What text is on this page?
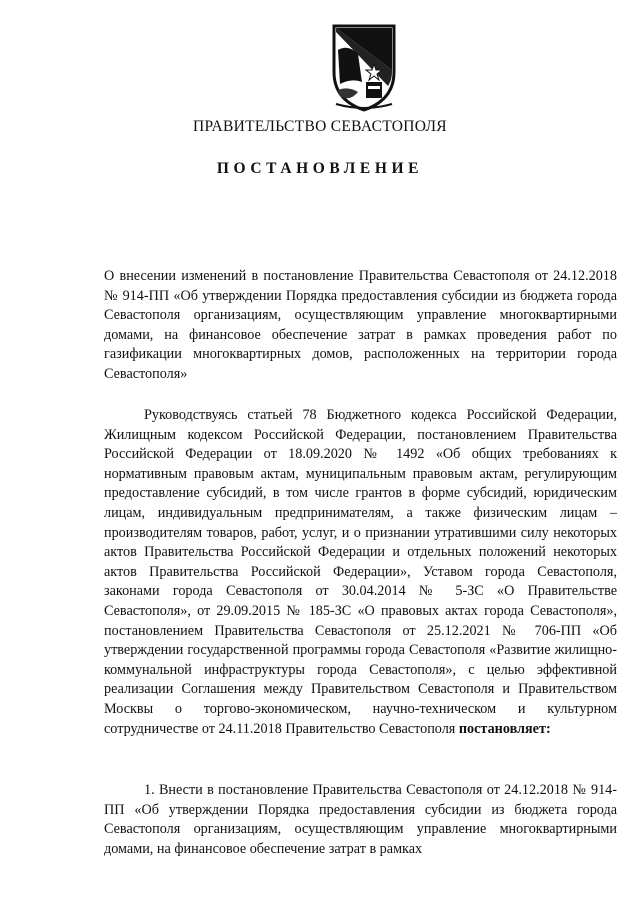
ПРАВИТЕЛЬСТВО СЕВАСТОПОЛЯ
ПОСТАНОВЛЕНИЕ
О внесении изменений в постановление Правительства Севастополя от 24.12.2018 № 914-ПП «Об утверждении Порядка предоставления субсидии из бюджета города Севастополя организациям, осуществляющим управление многоквартирными домами, на финансовое обеспечение затрат в рамках проведения работ по газификации многоквартирных домов, расположенных на территории города Севастополя»
Руководствуясь статьей 78 Бюджетного кодекса Российской Федерации, Жилищным кодексом Российской Федерации, постановлением Правительства Российской Федерации от 18.09.2020 № 1492 «Об общих требованиях к нормативным правовым актам, муниципальным правовым актам, регулирующим предоставление субсидий, в том числе грантов в форме субсидий, юридическим лицам, индивидуальным предпринимателям, а также физическим лицам – производителям товаров, работ, услуг, и о признании утратившими силу некоторых актов Правительства Российской Федерации и отдельных положений некоторых актов Правительства Российской Федерации», Уставом города Севастополя, законами города Севастополя от 30.04.2014 № 5-ЗС «О Правительстве Севастополя», от 29.09.2015 № 185-ЗС «О правовых актах города Севастополя», постановлением Правительства Севастополя от 25.12.2021 № 706-ПП «Об утверждении государственной программы города Севастополя «Развитие жилищно-коммунальной инфраструктуры города Севастополя», с целью эффективной реализации Соглашения между Правительством Севастополя и Правительством Москвы о торгово-экономическом, научно-техническом и культурном сотрудничестве от 24.11.2018 Правительство Севастополя постановляет:
1. Внести в постановление Правительства Севастополя от 24.12.2018 № 914-ПП «Об утверждении Порядка предоставления субсидии из бюджета города Севастополя организациям, осуществляющим управление многоквартирными домами, на финансовое обеспечение затрат в рамках
